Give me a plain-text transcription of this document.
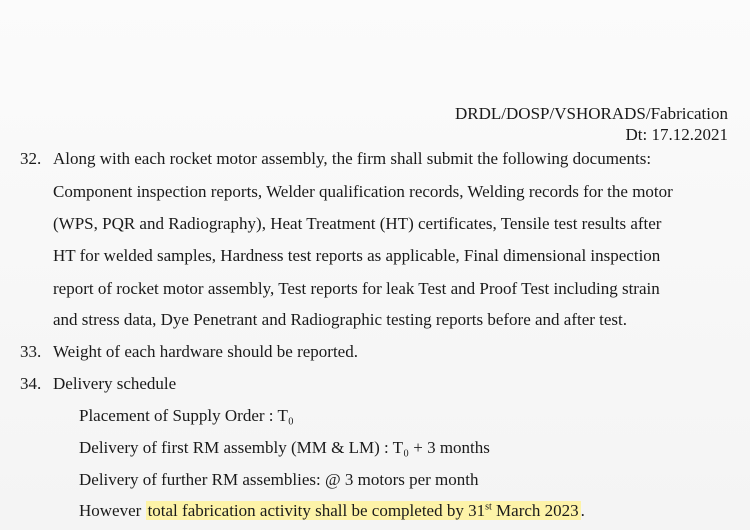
DRDL/DOSP/VSHORADS/Fabrication
Dt: 17.12.2021
32. Along with each rocket motor assembly, the firm shall submit the following documents:
Component inspection reports, Welder qualification records, Welding records for the motor
(WPS, PQR and Radiography), Heat Treatment (HT) certificates, Tensile test results after
HT for welded samples, Hardness test reports as applicable, Final dimensional inspection
report of rocket motor assembly, Test reports for leak Test and Proof Test including strain
and stress data, Dye Penetrant and Radiographic testing reports before and after test.
33. Weight of each hardware should be reported.
34. Delivery schedule
Placement of Supply Order : T₀
Delivery of first RM assembly (MM & LM) : T₀ + 3 months
Delivery of further RM assemblies: @ 3 motors per month
However total fabrication activity shall be completed by 31st March 2023 .
